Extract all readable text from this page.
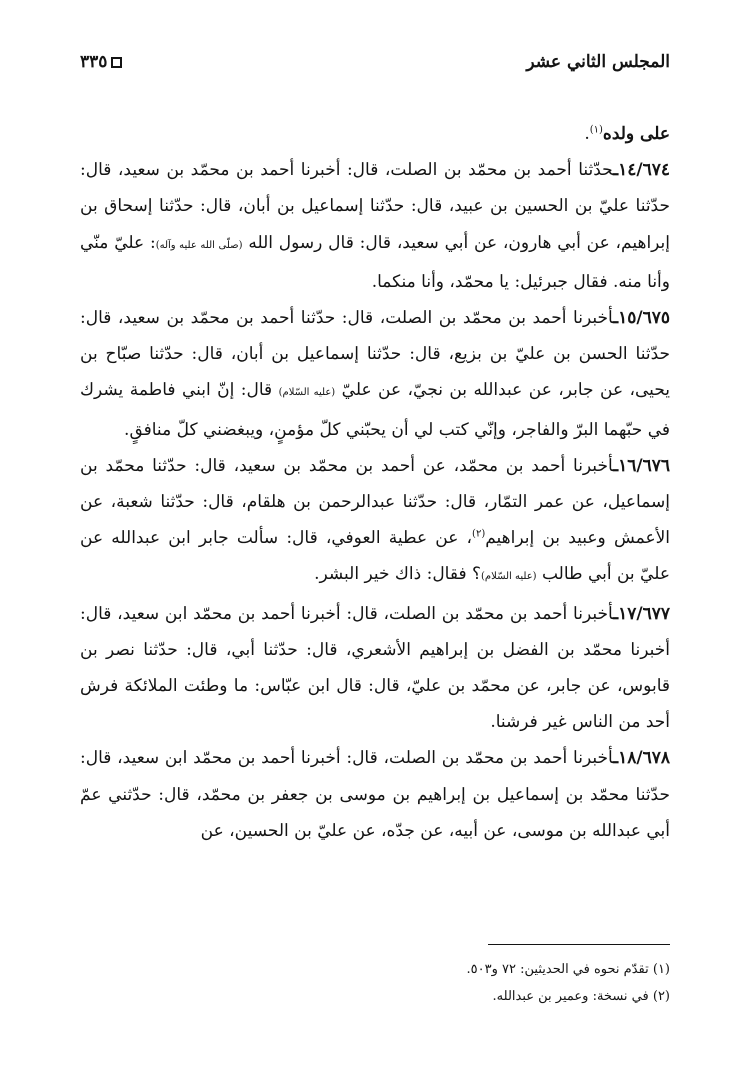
المجلس الثاني عشر
٣٣٥

على ولده$^{(١)}$.

١٤/٦٧٤ـحدّثنا أحمد بن محمّد بن الصلت، قال: أخبرنا أحمد بن محمّد بن سعيد، قال: حدّثنا عليّ بن الحسين بن عبيد، قال: حدّثنا إسماعيل بن أبان، قال: حدّثنا إسحاق بن إبراهيم، عن أبي هارون، عن أبي سعيد، قال: قال رسول الله (صلّى الله عليه وآله): عليّ منّي وأنا منه. فقال جبرئيل: يا محمّد، وأنا منكما.

١٥/٦٧٥ـأخبرنا أحمد بن محمّد بن الصلت، قال: حدّثنا أحمد بن محمّد بن سعيد، قال: حدّثنا الحسن بن عليّ بن بزيع، قال: حدّثنا إسماعيل بن أبان، قال: حدّثنا صبّاح بن يحيى، عن جابر، عن عبدالله بن نجيّ، عن عليّ (عليه السّلام) قال: إنّ ابني فاطمة يشرك في حبّهما البرّ والفاجر، وإنّي كتب لي أن يحبّني كلّ مؤمنٍ، ويبغضني كلّ منافقٍ.

١٦/٦٧٦ـأخبرنا أحمد بن محمّد، عن أحمد بن محمّد بن سعيد، قال: حدّثنا محمّد بن إسماعيل، عن عمر التمّار، قال: حدّثنا عبدالرحمن بن هلقام، قال: حدّثنا شعبة، عن الأعمش وعبيد بن إبراهيم$^{(٢)}$، عن عطية العوفي، قال: سألت جابر ابن عبدالله عن عليّ بن أبي طالب (عليه السّلام)؟ فقال: ذاك خير البشر.

١٧/٦٧٧ـأخبرنا أحمد بن محمّد بن الصلت، قال: أخبرنا أحمد بن محمّد ابن سعيد، قال: أخبرنا محمّد بن الفضل بن إبراهيم الأشعري، قال: حدّثنا أبي، قال: حدّثنا نصر بن قابوس، عن جابر، عن محمّد بن عليّ، قال: قال ابن عبّاس: ما وطئت الملائكة فرش أحد من الناس غير فرشنا.

١٨/٦٧٨ـأخبرنا أحمد بن محمّد بن الصلت، قال: أخبرنا أحمد بن محمّد ابن سعيد، قال: حدّثنا محمّد بن إسماعيل بن إبراهيم بن موسى بن جعفر بن محمّد، قال: حدّثني عمّ أبي عبدالله بن موسى، عن أبيه، عن جدّه، عن عليّ بن الحسين، عن

(١) تقدّم نحوه في الحديثين: ٧٢ و٥٠٣.

(٢) في نسخة: وعمير بن عبدالله.
